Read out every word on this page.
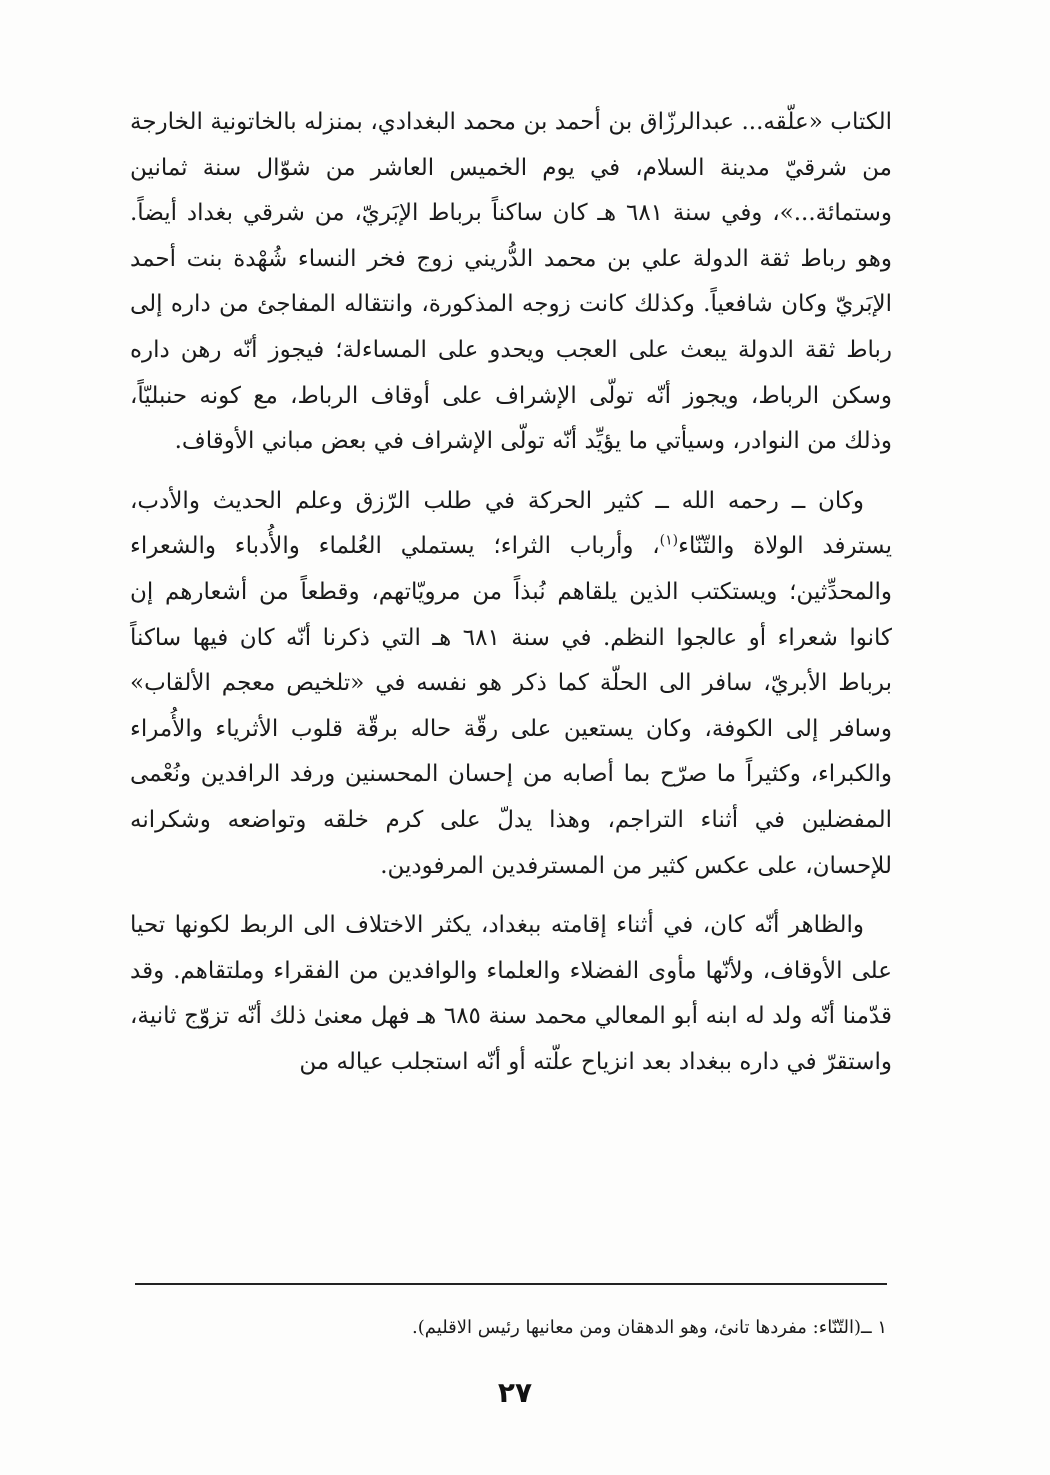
الكتاب «علّقه... عبدالرزّاق بن أحمد بن محمد البغدادي، بمنزله بالخاتونية الخارجة من شرقيّ مدينة السلام، في يوم الخميس العاشر من شوّال سنة ثمانين وستمائة...»، وفي سنة ٦٨١ هـ كان ساكناً برباط الإبَريّ، من شرقي بغداد أيضاً. وهو رباط ثقة الدولة علي بن محمد الدُّريني زوج فخر النساء شُهْدة بنت أحمد الإبَريّ وكان شافعياً. وكذلك كانت زوجه المذكورة، وانتقاله المفاجئ من داره إلى رباط ثقة الدولة يبعث على العجب ويحدو على المساءلة؛ فيجوز أنّه رهن داره وسكن الرباط، ويجوز أنّه تولّى الإشراف على أوقاف الرباط، مع كونه حنبليّاً، وذلك من النوادر، وسيأتي ما يؤيِّد أنّه تولّى الإشراف في بعض مباني الأوقاف.

وكان ــ رحمه الله ــ كثير الحركة في طلب الرّزق وعلم الحديث والأدب، يسترفد الولاة والتّنّاء$^{(١)}$، وأرباب الثراء؛ يستملي العُلماء والأُدباء والشعراء والمحدِّثين؛ ويستكتب الذين يلقاهم نُبذاً من مرويّاتهم، وقطعاً من أشعارهم إن كانوا شعراء أو عالجوا النظم. في سنة ٦٨١ هـ التي ذكرنا أنّه كان فيها ساكناً برباط الأبريّ، سافر الى الحلّة كما ذكر هو نفسه في «تلخيص معجم الألقاب» وسافر إلى الكوفة، وكان يستعين على رقّة حاله برقّة قلوب الأثرياء والأُمراء والكبراء، وكثيراً ما صرّح بما أصابه من إحسان المحسنين ورفد الرافدين ونُعْمى المفضلين في أثناء التراجم، وهذا يدلّ على كرم خلقه وتواضعه وشكرانه للإحسان، على عكس كثير من المسترفدين المرفودين.

والظاهر أنّه كان، في أثناء إقامته ببغداد، يكثر الاختلاف الى الربط لكونها تحيا على الأوقاف، ولأنّها مأوى الفضلاء والعلماء والوافدين من الفقراء وملتقاهم. وقد قدّمنا أنّه ولد له ابنه أبو المعالي محمد سنة ٦٨٥ هـ فهل معنىٰ ذلك أنّه تزوّج ثانية، واستقرّ في داره ببغداد بعد انزياح علّته أو أنّه استجلب عياله من

١ ــ(التّنّاء: مفردها تانئ، وهو الدهقان ومن معانيها رئيس الاقليم).
٢٧
